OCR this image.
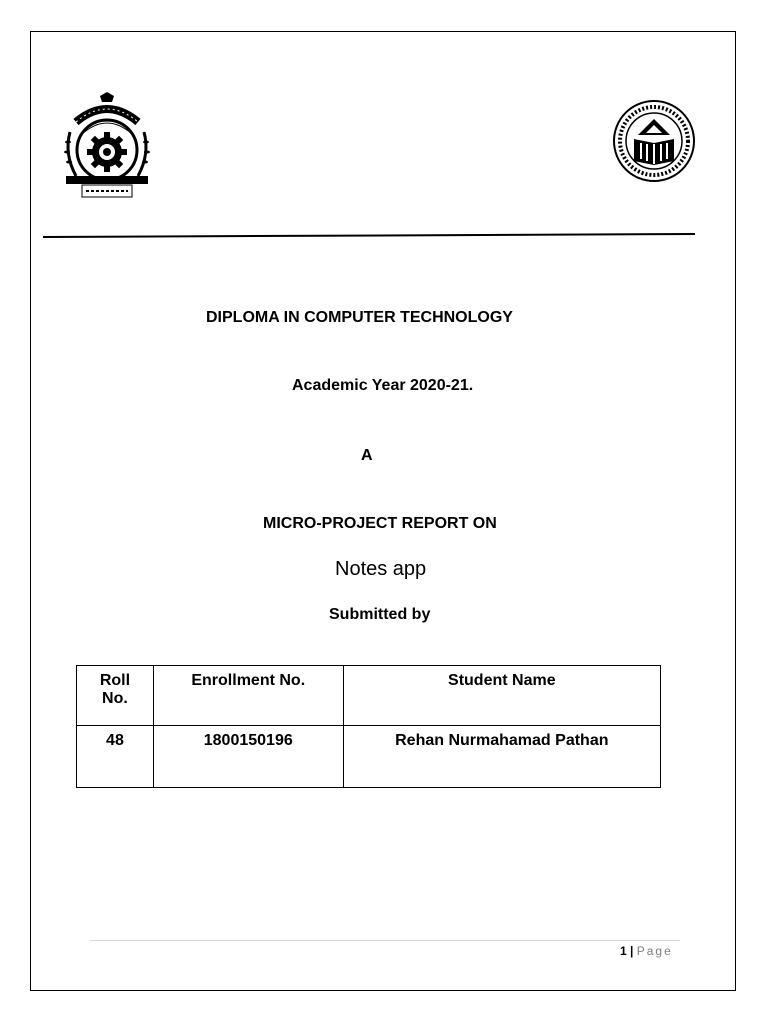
DIPLOMA IN COMPUTER TECHNOLOGY
Academic Year 2020-21.
A
MICRO-PROJECT REPORT ON
Notes app
Submitted by
Roll
No.	Enrollment No.	Student Name
48	1800150196	Rehan Nurmahamad Pathan
1 | Page
